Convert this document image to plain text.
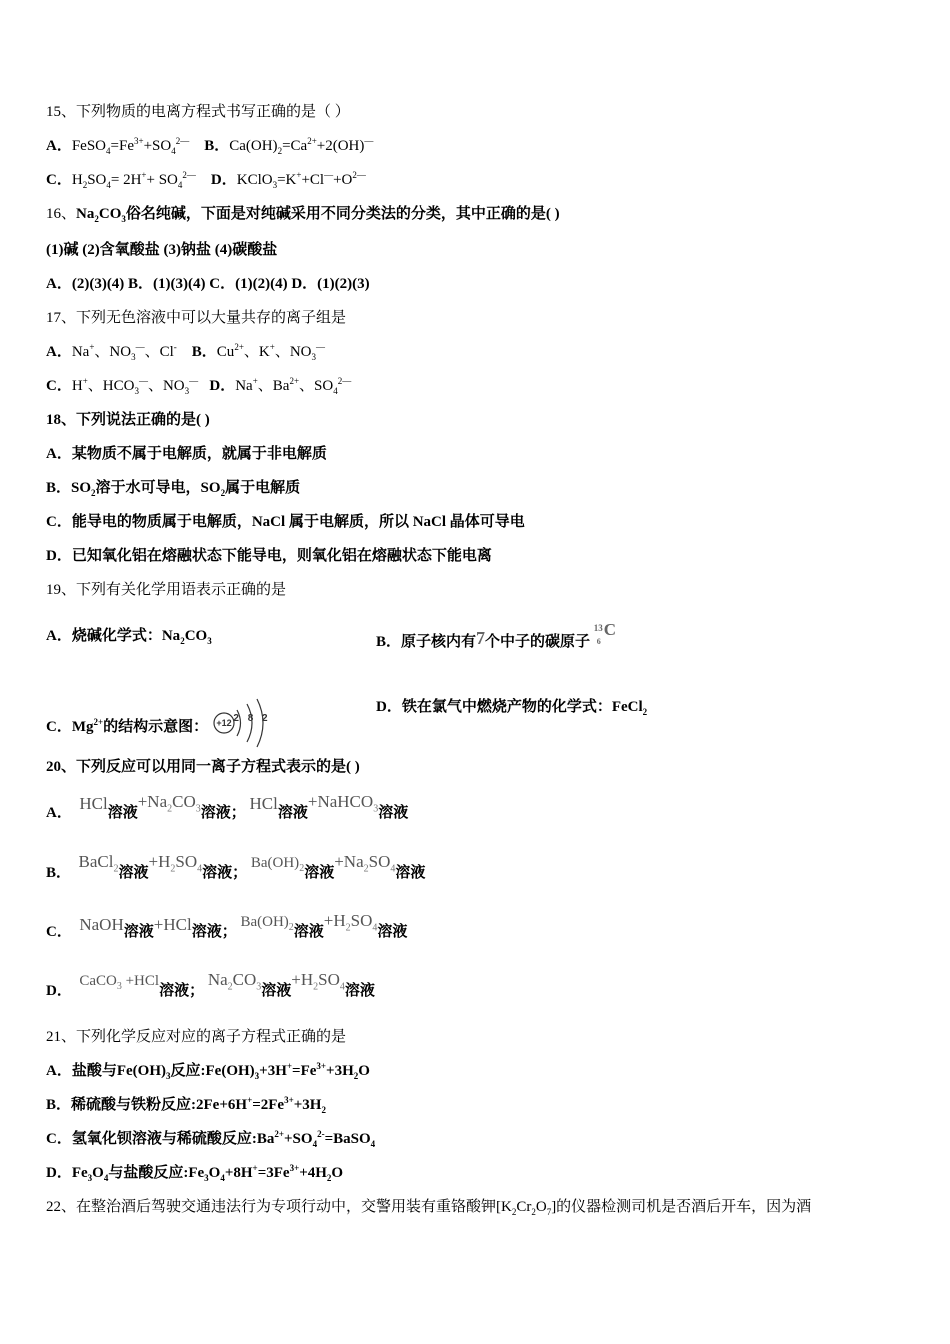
15、下列物质的电离方程式书写正确的是（ ）
A．$FeSO_4=Fe^{3+}+SO_4^{2—}$ B．$Ca(OH)_2=Ca^{2+}+2(OH)^—$
C．$H_2SO_4= 2H^++ SO_4^{2—}$ D．$KClO_3=K^++Cl^—+O^{2—}$
16、$Na_2CO_3$俗名纯碱，下面是对纯碱采用不同分类法的分类，其中正确的是( )
(1)碱 (2)含氧酸盐 (3)钠盐 (4)碳酸盐
A．(2)(3)(4) B．(1)(3)(4) C．(1)(2)(4) D．(1)(2)(3)
17、下列无色溶液中可以大量共存的离子组是
A．Na+、$NO_3^—$、Cl- B．$Cu^{2+}$、K+、$NO_3^—$
C．H+、$HCO_3^—$、$NO_3^—$ D．Na+、$Ba^{2+}$、$SO_4^{2—}$
18、下列说法正确的是( )
A．某物质不属于电解质，就属于非电解质
B．$SO_2$溶于水可导电，$SO_2$属于电解质
C．能导电的物质属于电解质，NaCl 属于电解质，所以 NaCl 晶体可导电
D．已知氧化铝在熔融状态下能导电，则氧化铝在熔融状态下能电离
19、下列有关化学用语表示正确的是
A．烧碱化学式：$Na_2CO_3$	B．原子核内有7个中子的碳原子
13
6
C
C．$Mg^{2+}$的结构示意图： +12 2 8 2
D．铁在氯气中燃烧产物的化学式：FeCl$_2$
20、下列反应可以用同一离子方程式表示的是( )
A． HCl溶液$+Na_2CO_3$溶液； HCl溶液+NaHCO$_3$溶液
B．  BaCl$_2$溶液$+H_2SO_4$溶液； $Ba(OH)_2$溶液$+Na_2SO_4$溶液
C． NaOH溶液+HCl溶液； $Ba(OH)_2$溶液$+H_2SO_4$溶液
D．  CaCO$_3$ +HCl溶液； $Na_2CO_3$溶液$+H_2SO_4$溶液
21、下列化学反应对应的离子方程式正确的是
A．盐酸与$Fe(OH)_3$反应$:Fe(OH)_3+3H^+=Fe^{3+}+3H_2O$
B．稀硫酸与铁粉反应$:2Fe+6H^+=2Fe^{3+}+3H_2$
C．氢氧化钡溶液与稀硫酸反应$:Ba^{2+}+SO_4^{2-}=BaSO_4$
D．$Fe_3O_4$与盐酸反应$:Fe_3O_4+8H^+=3Fe^{3+}+4H_2O$
22、在整治酒后驾驶交通违法行为专项行动中，交警用装有重铬酸钾$[K_2Cr_2O_7]$的仪器检测司机是否酒后开车，因为酒
